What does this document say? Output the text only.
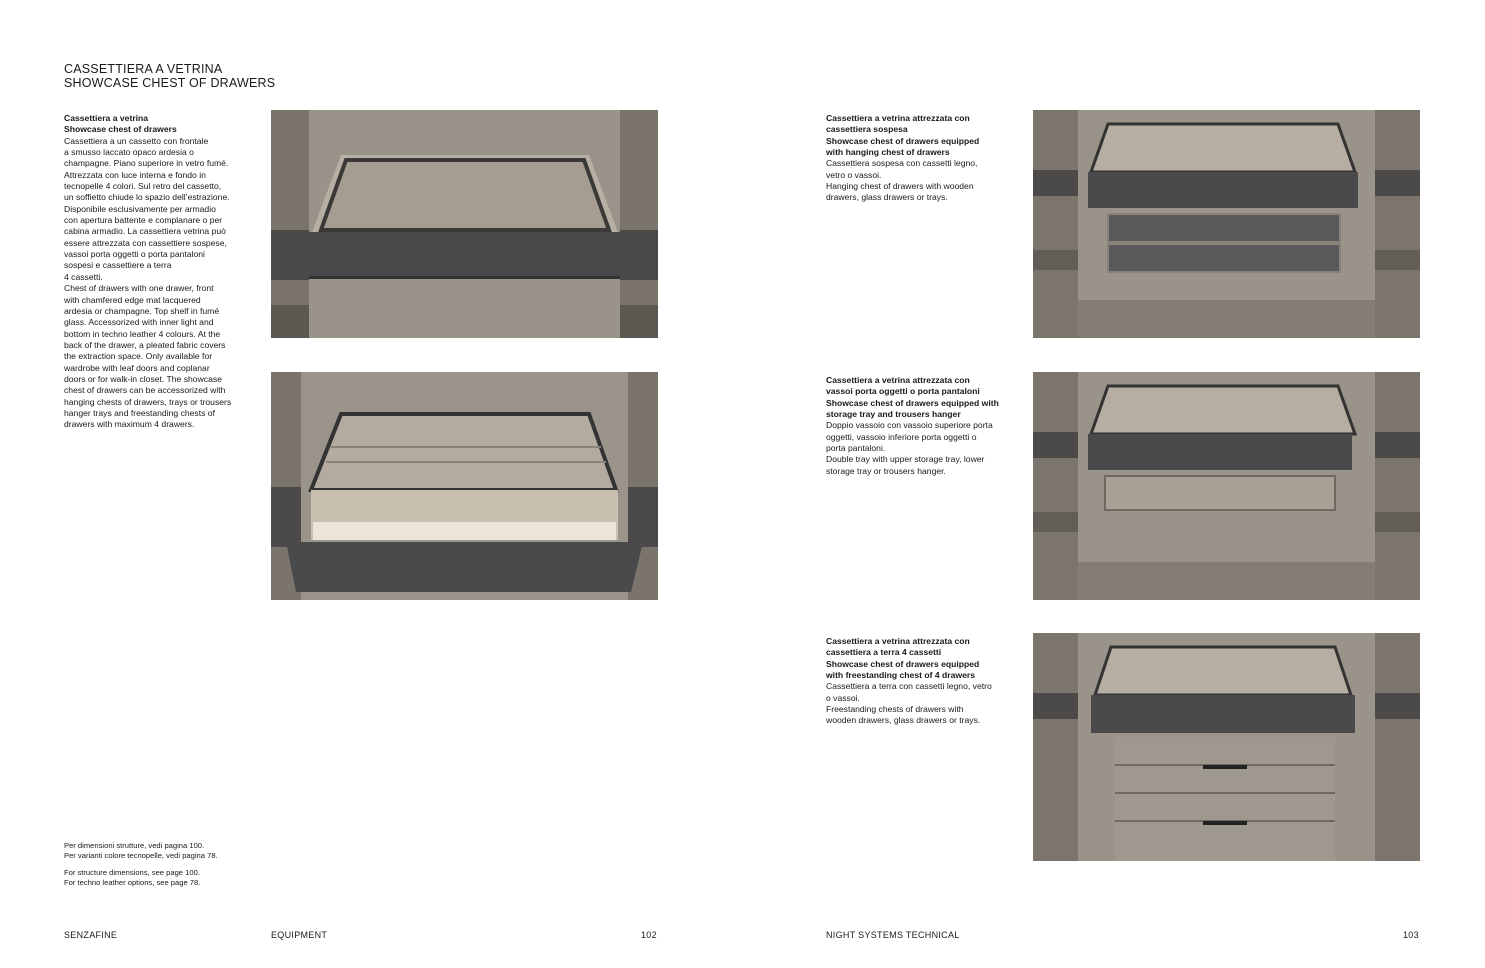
CASSETTIERA A VETRINA
SHOWCASE CHEST OF DRAWERS
Cassettiera a vetrina
Showcase chest of drawers
Cassettiera a un cassetto con frontale
a smusso laccato opaco ardesia o
champagne. Piano superiore in vetro fumé.
Attrezzata con luce interna e fondo in
tecnopelle 4 colori. Sul retro del cassetto,
un soffietto chiude lo spazio dell’estrazione.
Disponibile esclusivamente per armadio
con apertura battente e complanare o per
cabina armadio. La cassettiera vetrina può
essere attrezzata con cassettiere sospese,
vassoi porta oggetti o porta pantaloni
sospesi e cassettiere a terra
4 cassetti.
Chest of drawers with one drawer, front
with chamfered edge mat lacquered
ardesia or champagne. Top shelf in fumé
glass. Accessorized with inner light and
bottom in techno leather 4 colours. At the
back of the drawer, a pleated fabric covers
the extraction space. Only available for
wardrobe with leaf doors and coplanar
doors or for walk-in closet. The showcase
chest of drawers can be accessorized with
hanging chests of drawers, trays or trousers
hanger trays and freestanding chests of
drawers with maximum 4 drawers.
Per dimensioni strutture, vedi pagina 100.
Per varianti colore tecnopelle, vedi pagina 78.
For structure dimensions, see page 100.
For techno leather options, see page 78.
SENZAFINE	EQUIPMENT	102
Cassettiera a vetrina attrezzata con
cassettiera sospesa
Showcase chest of drawers equipped
with hanging chest of drawers
Cassettiera sospesa con cassetti legno,
vetro o vassoi.
Hanging chest of drawers with wooden
drawers, glass drawers or trays.
Cassettiera a vetrina attrezzata con
vassoi porta oggetti o porta pantaloni
Showcase chest of drawers equipped with
storage tray and trousers hanger
Doppio vassoio con vassoio superiore porta
oggetti, vassoio inferiore porta oggetti o
porta pantaloni.
Double tray with upper storage tray, lower
storage tray or trousers hanger.
Cassettiera a vetrina attrezzata con
cassettiera a terra 4 cassetti
Showcase chest of drawers equipped
with freestanding chest of 4 drawers
Cassettiera a terra con cassetti legno, vetro
o vassoi.
Freestanding chests of drawers with
wooden drawers, glass drawers or trays.
NIGHT SYSTEMS TECHNICAL	103
